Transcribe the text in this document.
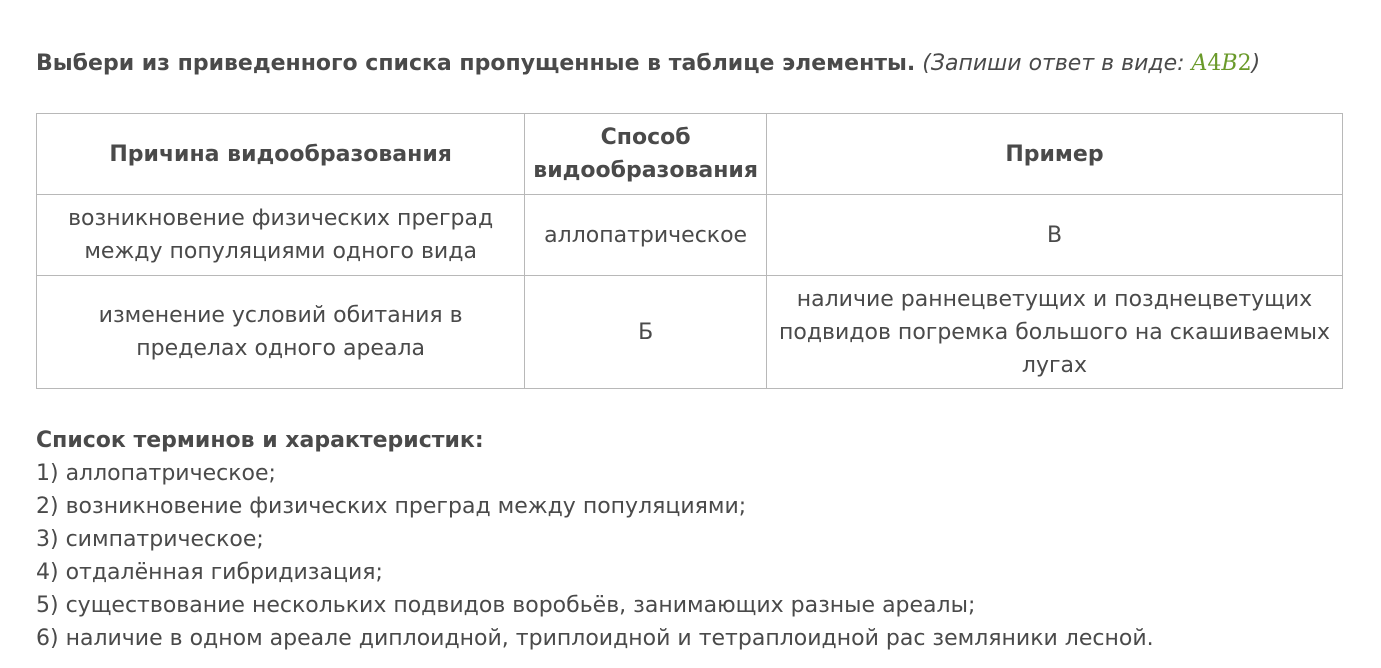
Выбери из приведенного списка пропущенные в таблице элементы. (Запиши ответ в виде: A4B2)
Причина видообразования	Способ видообразования	Пример
возникновение физических преград между популяциями одного вида	аллопатрическое	В
изменение условий обитания в пределах одного ареала	Б	наличие раннецветущих и позднецветущих подвидов погремка большого на скашиваемых лугах
Список терминов и характеристик:
1) аллопатрическое;
2) возникновение физических преград между популяциями;
3) симпатрическое;
4) отдалённая гибридизация;
5) существование нескольких подвидов воробьёв, занимающих разные ареалы;
6) наличие в одном ареале диплоидной, триплоидной и тетраплоидной рас земляники лесной.
